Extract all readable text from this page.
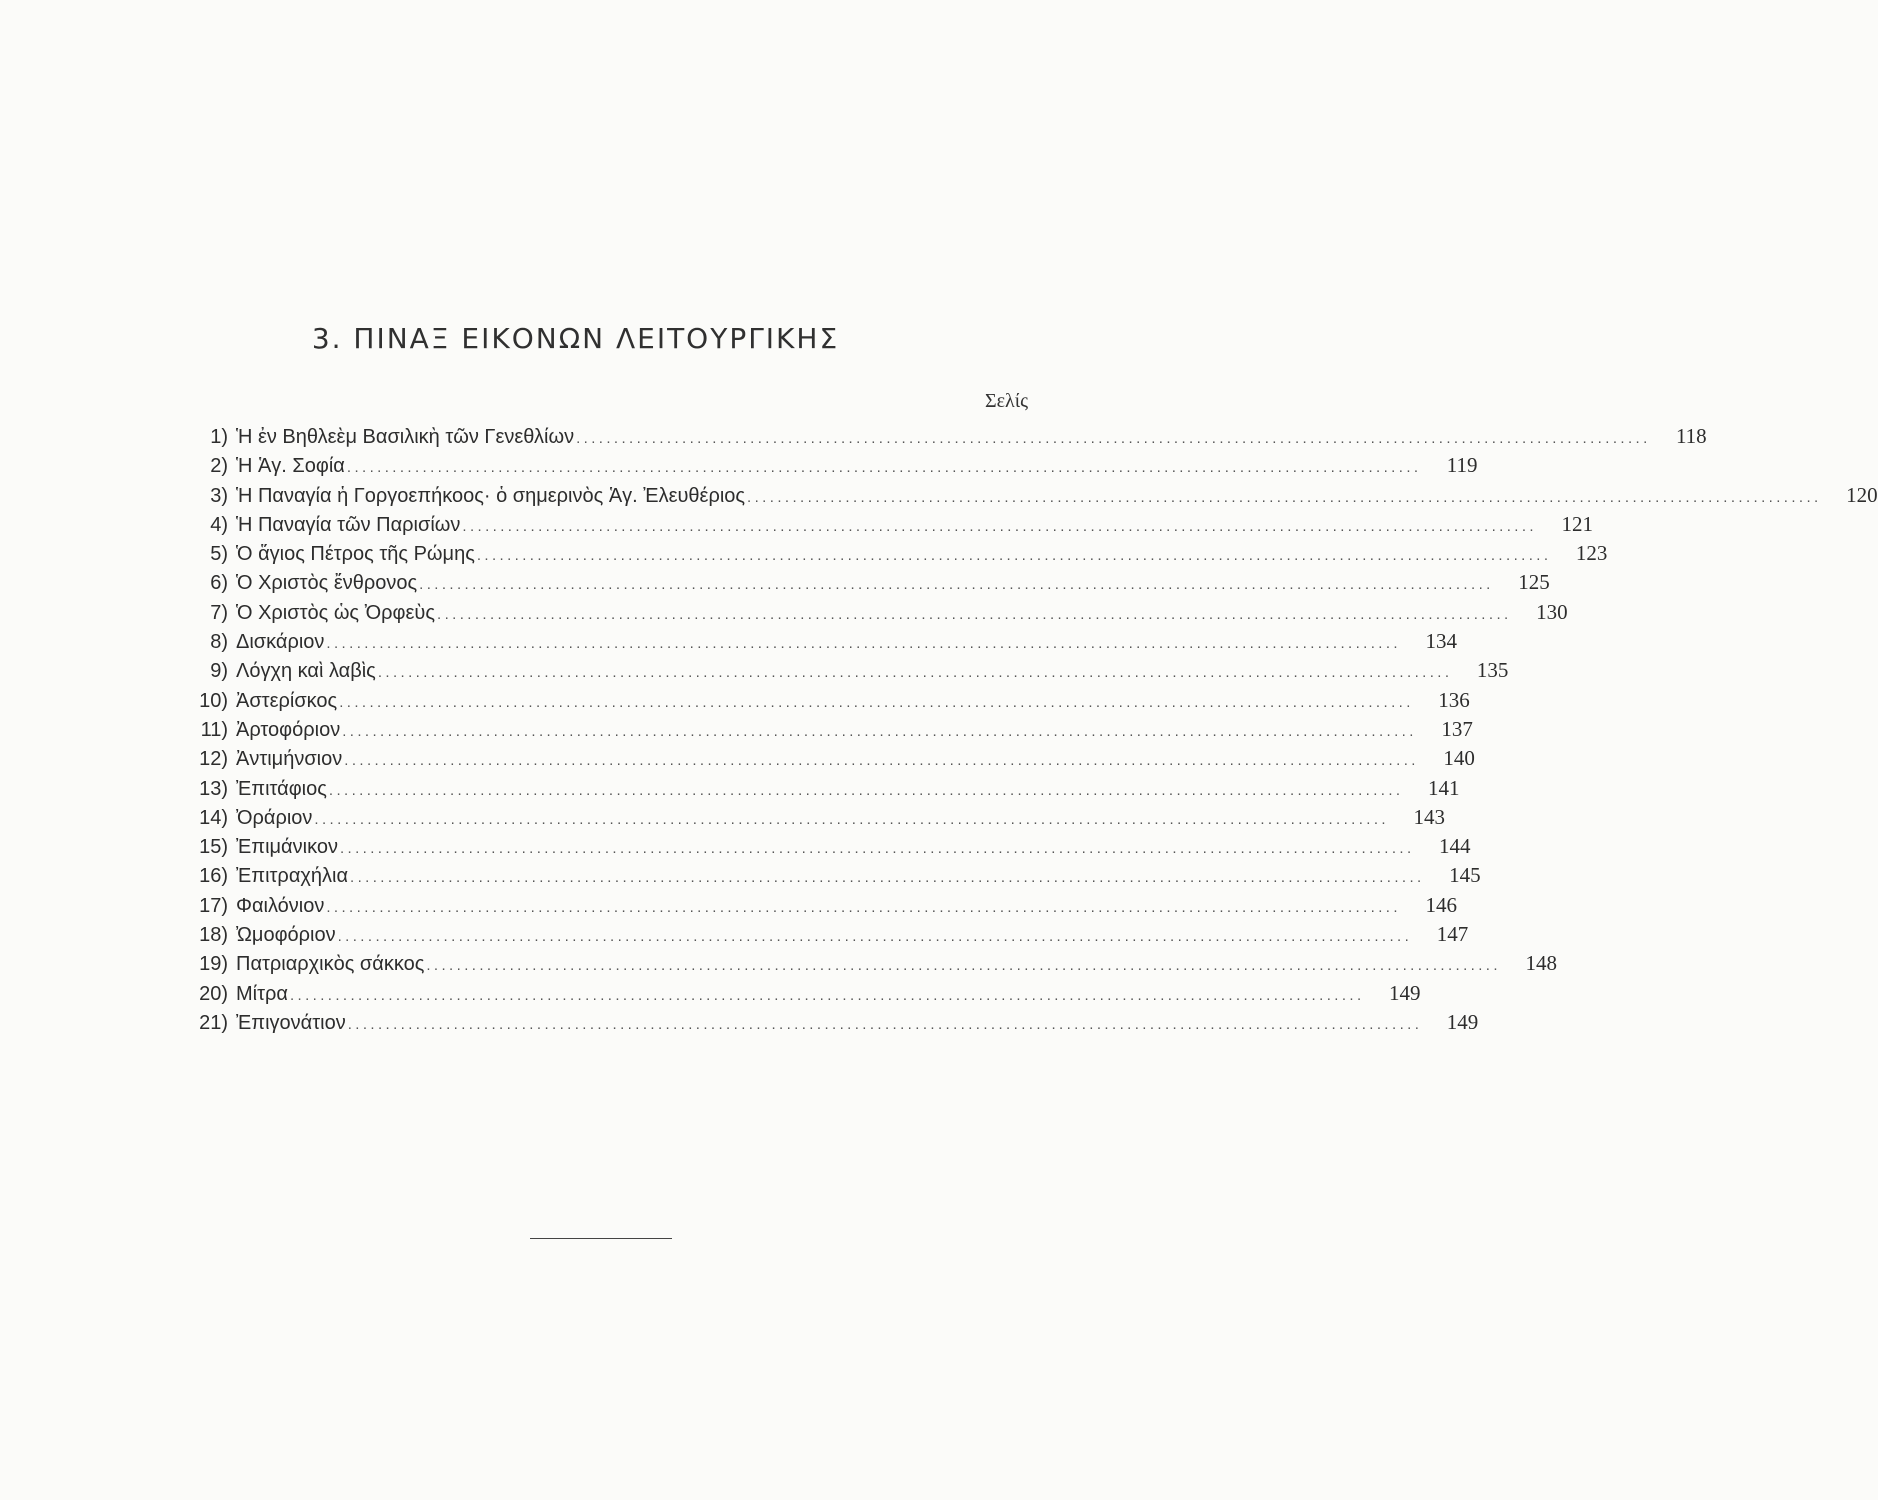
3. ΠΙΝΑΞ ΕΙΚΟΝΩΝ ΛΕΙΤΟΥΡΓΙΚΗΣ
Σελίς
1) Ἡ ἐν Βηθλεὲμ Βασιλικὴ τῶν Γενεθλίων ..............................................................................................................................................	118
2) Ἡ Ἁγ. Σοφία ..............................................................................................................................................	119
3) Ἡ Παναγία ἡ Γοργοεπήκοος· ὁ σημερινὸς Ἁγ. Ἐλευθέριος ..............................................................................................................................................	120
4) Ἡ Παναγία τῶν Παρισίων ..............................................................................................................................................	121
5) Ὁ ἅγιος Πέτρος τῆς Ρώμης ..............................................................................................................................................	123
6) Ὁ Χριστὸς ἔνθρονος ..............................................................................................................................................	125
7) Ὁ Χριστὸς ὡς Ὀρφεὺς ..............................................................................................................................................	130
8) Δισκάριον ..............................................................................................................................................	134
9) Λόγχη καὶ λαβὶς ..............................................................................................................................................	135
10) Ἀστερίσκος ..............................................................................................................................................	136
11) Ἀρτοφόριον ..............................................................................................................................................	137
12) Ἀντιμήνσιον ..............................................................................................................................................	140
13) Ἐπιτάφιος ..............................................................................................................................................	141
14) Ὀράριον ..............................................................................................................................................	143
15) Ἐπιμάνικον ..............................................................................................................................................	144
16) Ἐπιτραχήλια ..............................................................................................................................................	145
17) Φαιλόνιον ..............................................................................................................................................	146
18) Ὠμοφόριον ..............................................................................................................................................	147
19) Πατριαρχικὸς σάκκος ..............................................................................................................................................	148
20) Μίτρα ..............................................................................................................................................	149
21) Ἐπιγονάτιον ..............................................................................................................................................	149
